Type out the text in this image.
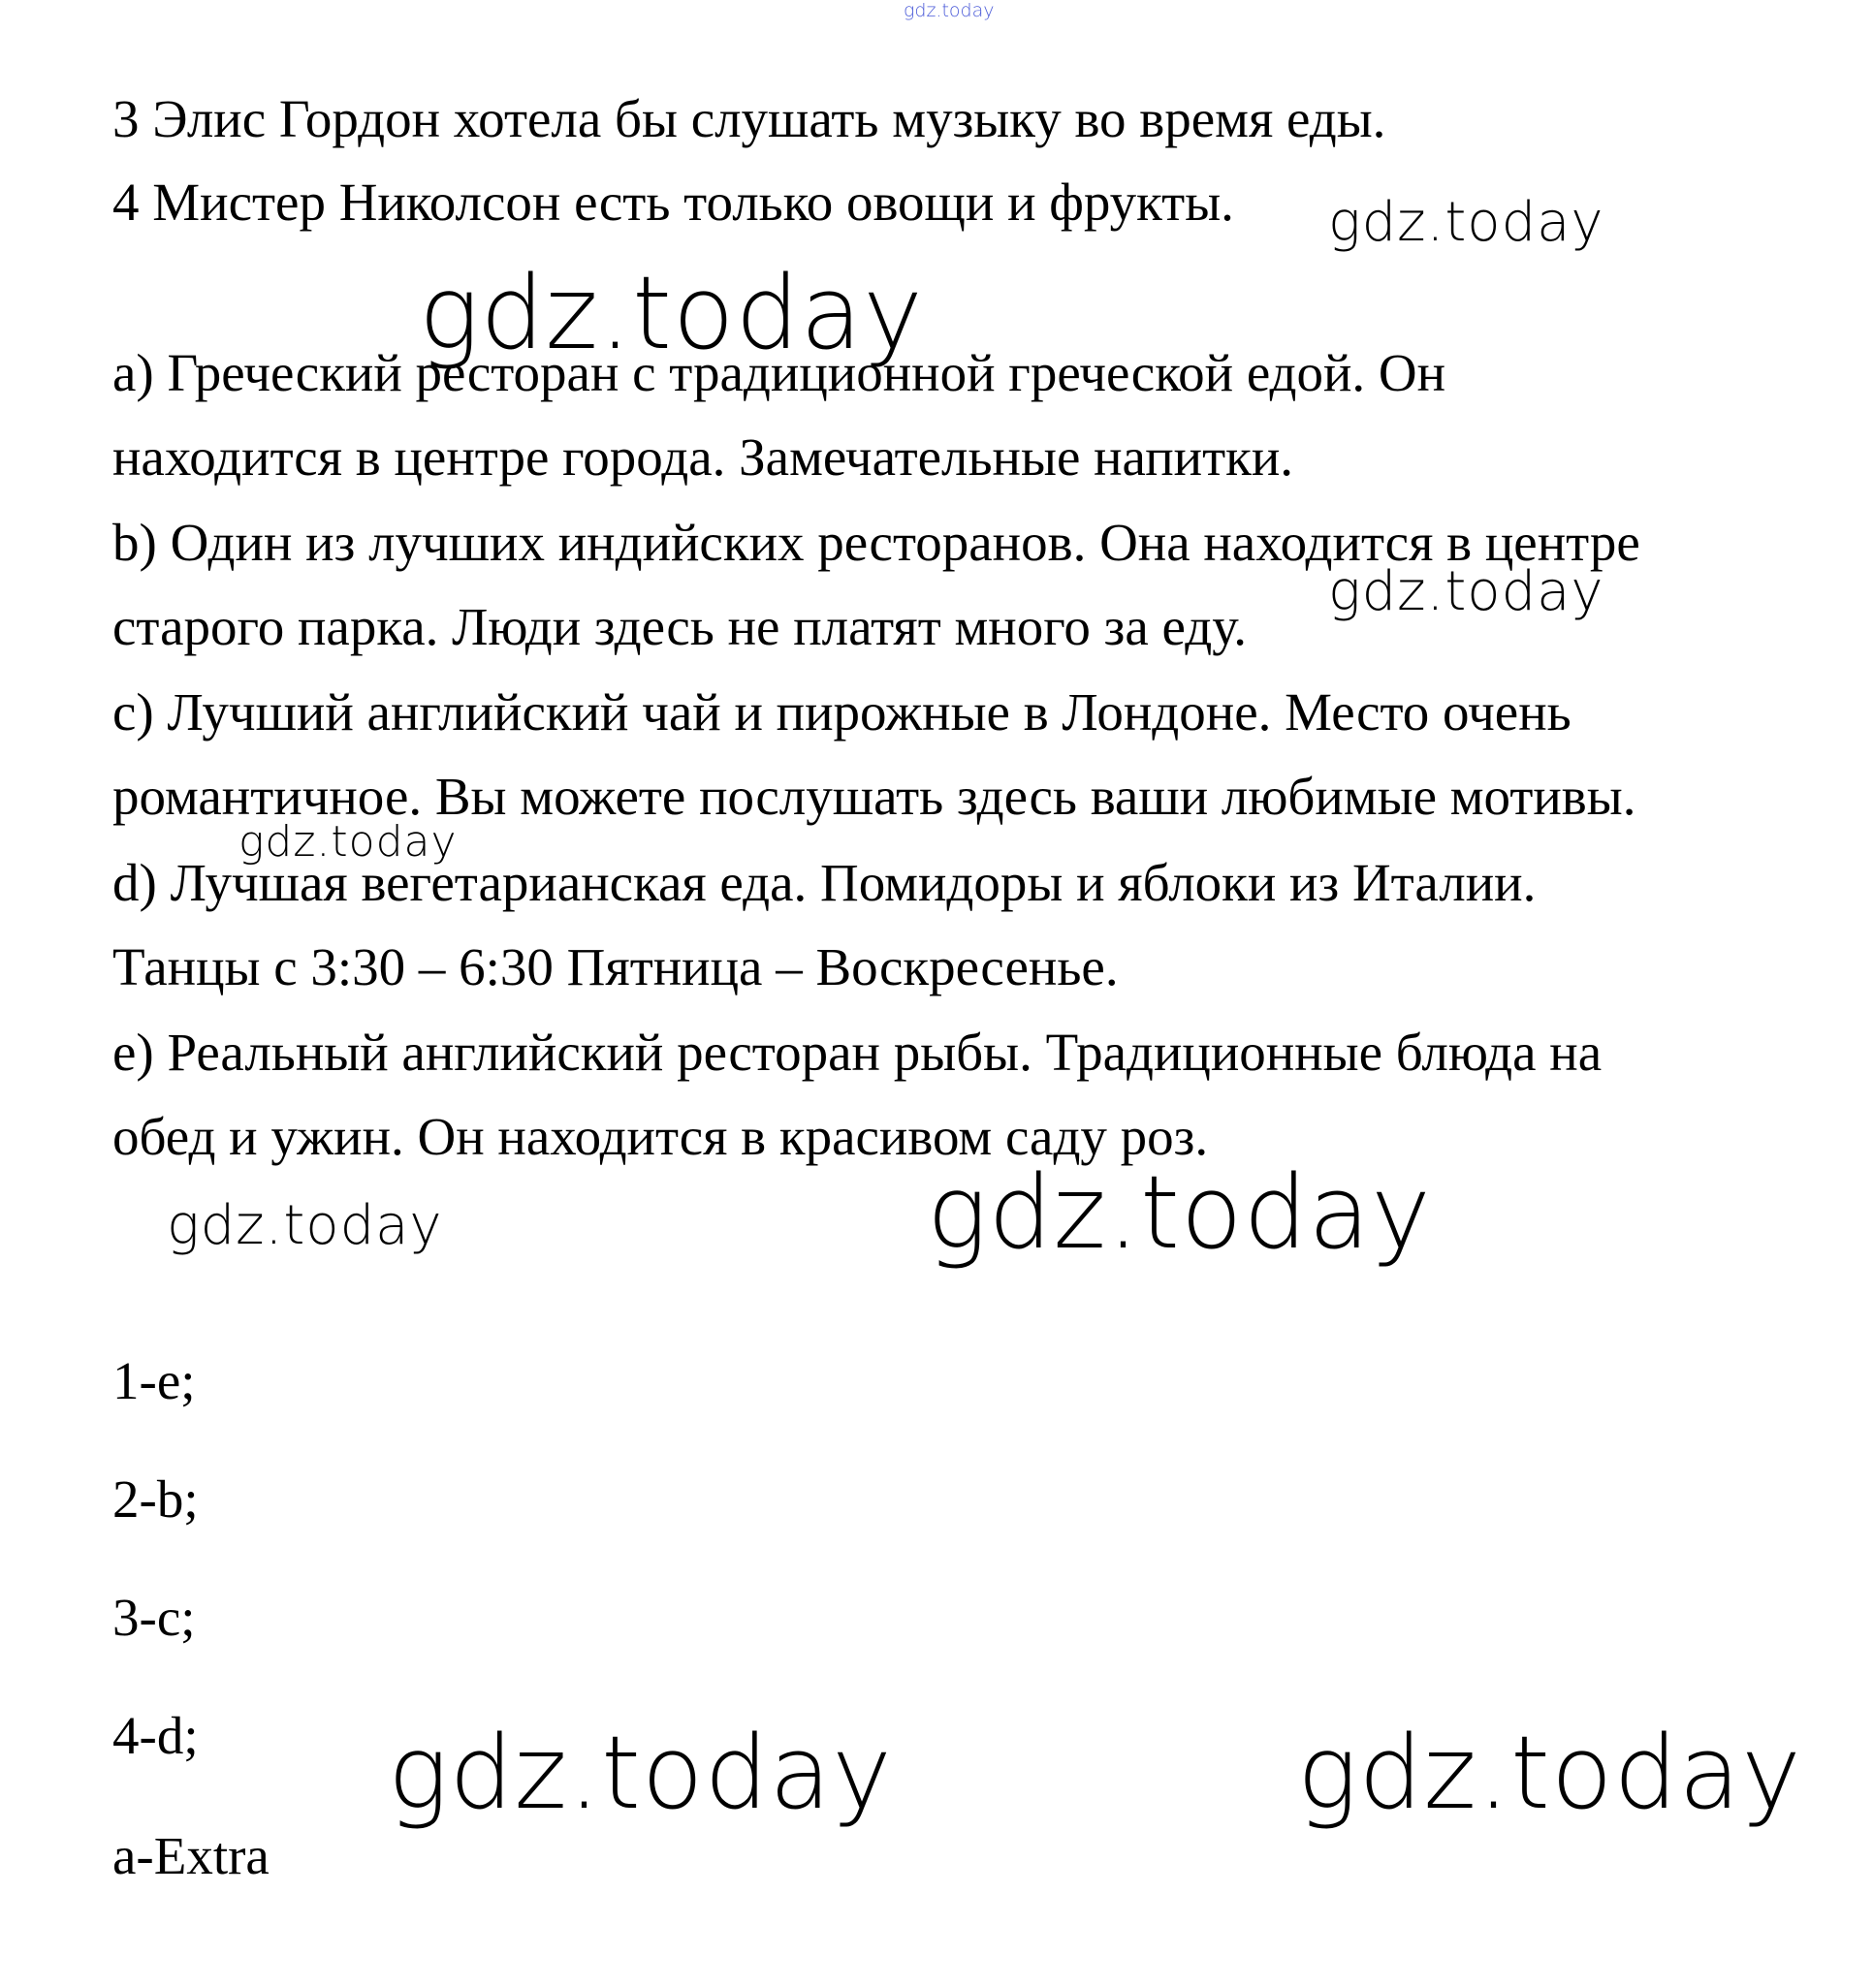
gdz.today
3 Элис Гордон хотела бы слушать музыку во время еды.
4 Мистер Николсон есть только овощи и фрукты.
a) Греческий ресторан с традиционной греческой едой. Он
находится в центре города. Замечательные напитки.
b) Один из лучших индийских ресторанов. Она находится в центре
старого парка. Люди здесь не платят много за еду.
c) Лучший английский чай и пирожные в Лондоне. Место очень
романтичное. Вы можете послушать здесь ваши любимые мотивы.
d) Лучшая вегетарианская еда. Помидоры и яблоки из Италии.
Танцы с 3:30 – 6:30 Пятница – Воскресенье.
e) Реальный английский ресторан рыбы. Традиционные блюда на
обед и ужин. Он находится в красивом саду роз.
1-e;
2-b;
3-c;
4-d;
a-Extra
gdz.today
gdz.today
gdz.today
gdz.today
gdz.today	gdz.today
gdz.today	gdz.today
